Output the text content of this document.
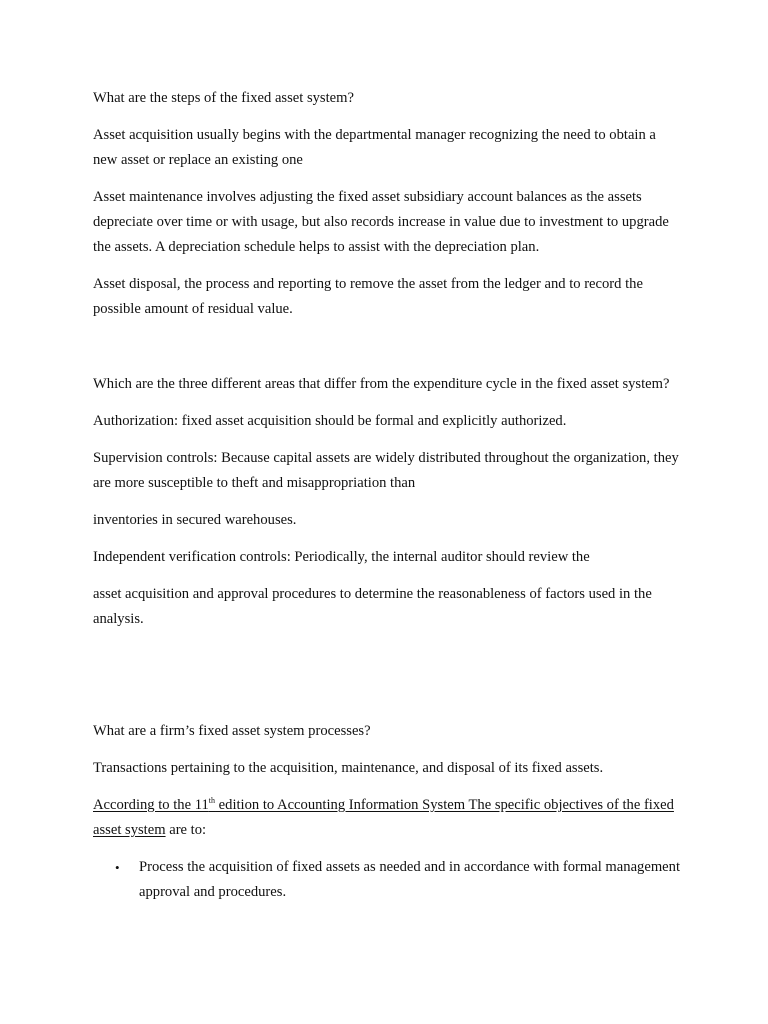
What are the steps of the fixed asset system?

Asset acquisition usually begins with the departmental manager recognizing the need to obtain a new asset or replace an existing one

Asset maintenance involves adjusting the fixed asset subsidiary account balances as the assets depreciate over time or with usage, but also records increase in value due to investment to upgrade the assets. A depreciation schedule helps to assist with the depreciation plan.

Asset disposal, the process and reporting to remove the asset from the ledger and to record the possible amount of residual value.

Which are the three different areas that differ from the expenditure cycle in the fixed asset system?

Authorization: fixed asset acquisition should be formal and explicitly authorized.

Supervision controls: Because capital assets are widely distributed throughout the organization, they are more susceptible to theft and misappropriation than

inventories in secured warehouses.

Independent verification controls: Periodically, the internal auditor should review the

asset acquisition and approval procedures to determine the reasonableness of factors used in the analysis.

What are a firm’s fixed asset system processes?

Transactions pertaining to the acquisition, maintenance, and disposal of its fixed assets.

According to the 11th edition to Accounting Information System The specific objectives of the fixed asset system are to:

• Process the acquisition of fixed assets as needed and in accordance with formal management approval and procedures.
